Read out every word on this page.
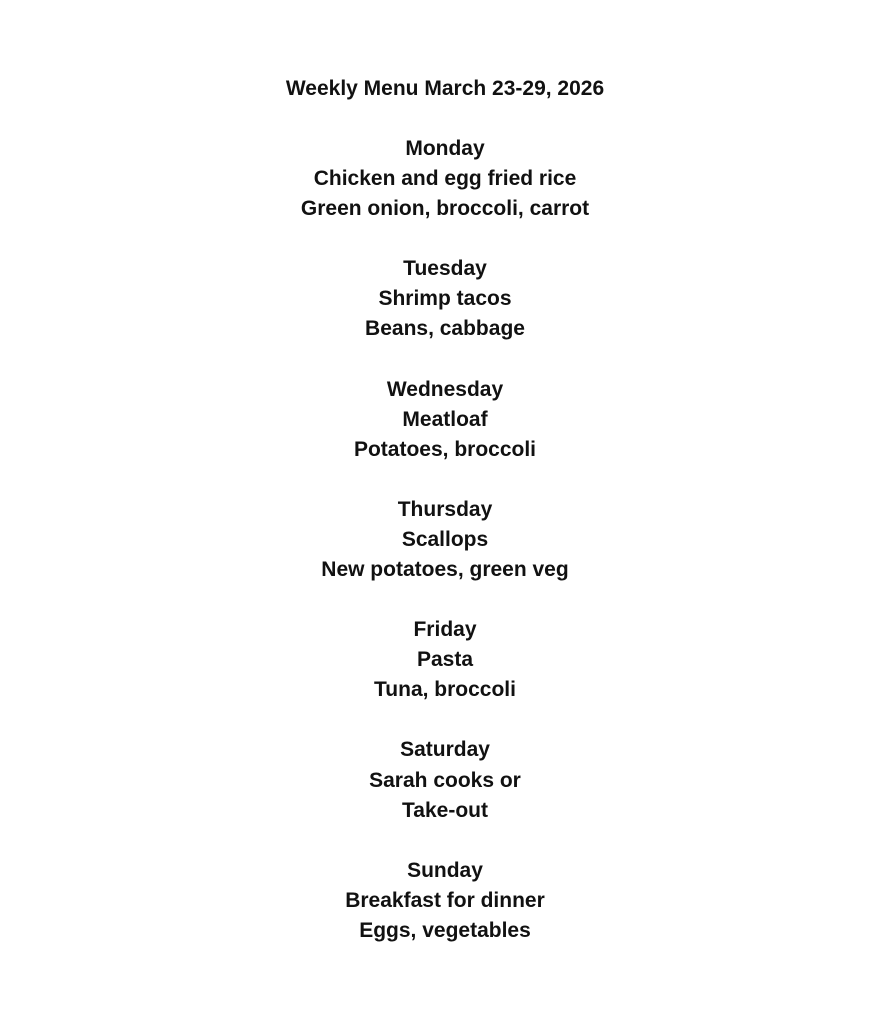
Weekly Menu March 23-29, 2026
Monday
Chicken and egg fried rice
Green onion, broccoli, carrot
Tuesday
Shrimp tacos
Beans, cabbage
Wednesday
Meatloaf
Potatoes, broccoli
Thursday
Scallops
New potatoes, green veg
Friday
Pasta
Tuna, broccoli
Saturday
Sarah cooks or
Take-out
Sunday
Breakfast for dinner
Eggs, vegetables
